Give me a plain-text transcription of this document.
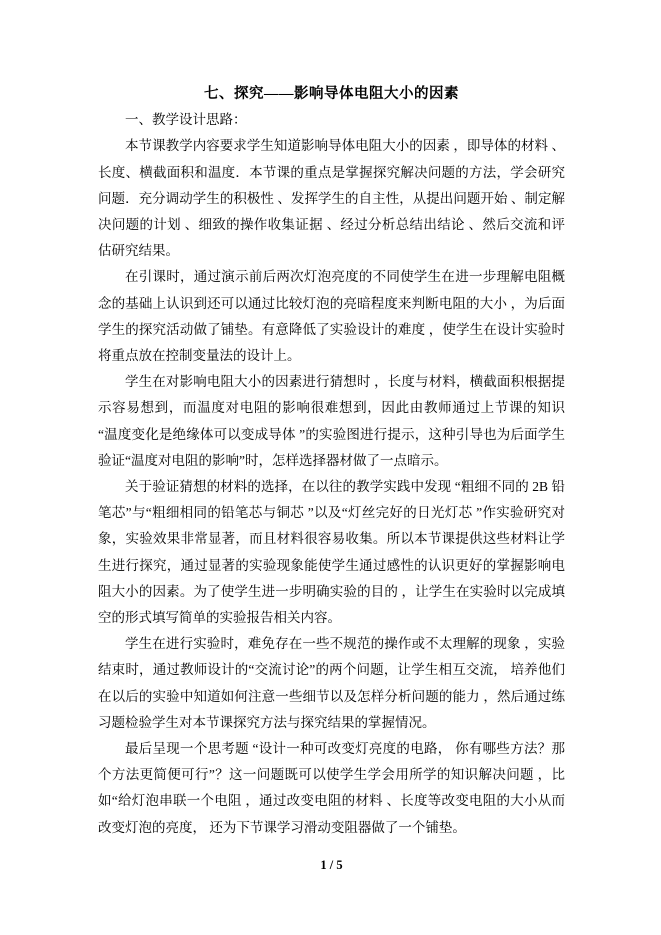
七、探究——影响导体电阻大小的因素
一、教学设计思路：

本节课教学内容要求学生知道影响导体电阻大小的因素 ，即导体的材料 、长度、横截面积和温度．本节课的重点是掌握探究解决问题的方法，学会研究问题．充分调动学生的积极性 、发挥学生的自主性，从提出问题开始 、制定解决问题的计划 、细致的操作收集证据 、经过分析总结出结论 、然后交流和评估研究结果。

在引课时，通过演示前后两次灯泡亮度的不同使学生在进一步理解电阻概念的基础上认识到还可以通过比较灯泡的亮暗程度来判断电阻的大小 ，为后面学生的探究活动做了铺垫。有意降低了实验设计的难度 ，使学生在设计实验时将重点放在控制变量法的设计上。

学生在对影响电阻大小的因素进行猜想时 ，长度与材料，横截面积根据提示容易想到，而温度对电阻的影响很难想到，因此由教师通过上节课的知识 “温度变化是绝缘体可以变成导体 ”的实验图进行提示，这种引导也为后面学生验证“温度对电阻的影响”时，怎样选择器材做了一点暗示。

关于验证猜想的材料的选择，在以往的教学实践中发现 “粗细不同的 2B 铅笔芯”与“粗细相同的铅笔芯与铜芯 ”以及“灯丝完好的日光灯芯 ”作实验研究对象，实验效果非常显著，而且材料很容易收集。所以本节课提供这些材料让学生进行探究，通过显著的实验现象能使学生通过感性的认识更好的掌握影响电阻大小的因素。为了使学生进一步明确实验的目的 ，让学生在实验时以完成填空的形式填写简单的实验报告相关内容。

学生在进行实验时，难免存在一些不规范的操作或不太理解的现象 ，实验结束时，通过教师设计的“交流讨论”的两个问题，让学生相互交流， 培养他们在以后的实验中知道如何注意一些细节以及怎样分析问题的能力 ，然后通过练习题检验学生对本节课探究方法与探究结果的掌握情况。

最后呈现一个思考题 “设计一种可改变灯亮度的电路， 你有哪些方法？那个方法更简便可行”？这一问题既可以使学生学会用所学的知识解决问题 ，比如“给灯泡串联一个电阻 ，通过改变电阻的材料 、长度等改变电阻的大小从而改变灯泡的亮度， 还为下节课学习滑动变阻器做了一个铺垫。

1 / 5
